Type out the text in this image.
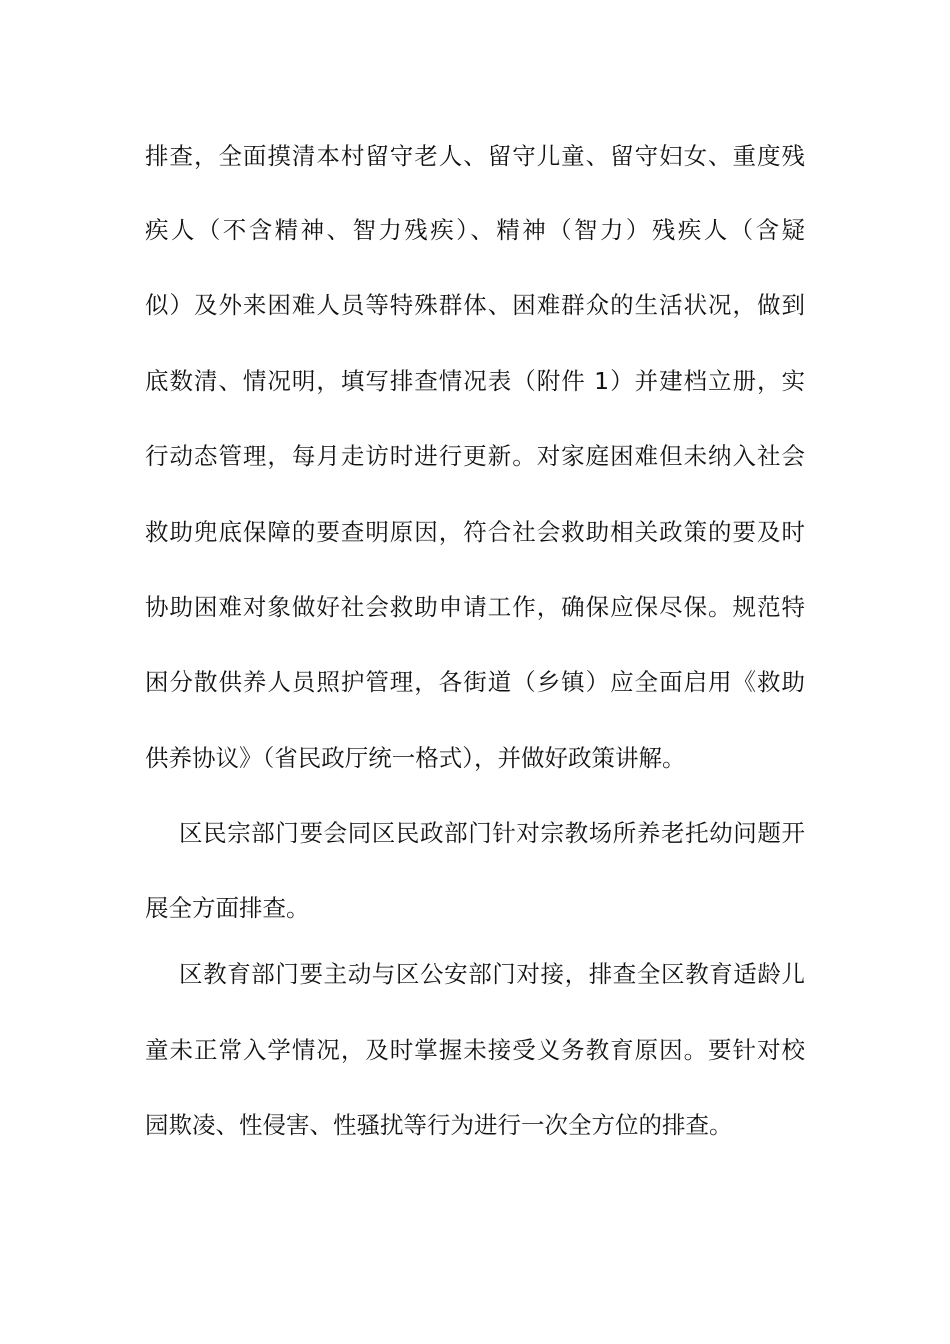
排查，全面摸清本村留守老人、留守儿童、留守妇女、重度残
疾人（不含精神、智力残疾）、精神（智力）残疾人（含疑
似）及外来困难人员等特殊群体、困难群众的生活状况，做到
底数清、情况明，填写排查情况表（附件 1）并建档立册，实
行动态管理，每月走访时进行更新。对家庭困难但未纳入社会
救助兜底保障的要查明原因，符合社会救助相关政策的要及时
协助困难对象做好社会救助申请工作，确保应保尽保。规范特
困分散供养人员照护管理，各街道（乡镇）应全面启用《救助
供养协议》（省民政厅统一格式），并做好政策讲解。
区民宗部门要会同区民政部门针对宗教场所养老托幼问题开
展全方面排查。
区教育部门要主动与区公安部门对接，排查全区教育适龄儿
童未正常入学情况，及时掌握未接受义务教育原因。要针对校
园欺凌、性侵害、性骚扰等行为进行一次全方位的排查。
